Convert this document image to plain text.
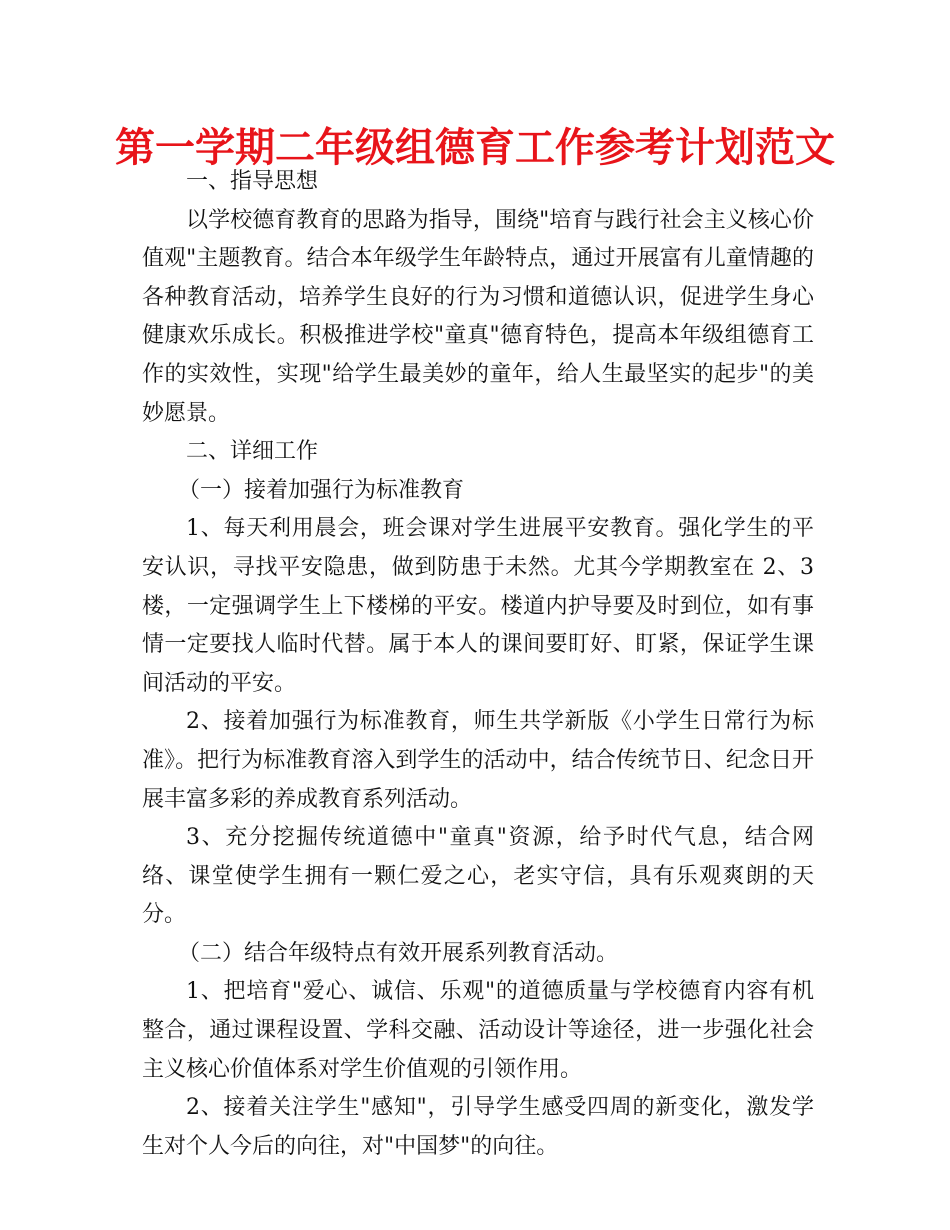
第一学期二年级组德育工作参考计划范文

一、指导思想

以学校德育教育的思路为指导，围绕"培育与践行社会主义核心价值观"主题教育。结合本年级学生年龄特点，通过开展富有儿童情趣的各种教育活动，培养学生良好的行为习惯和道德认识，促进学生身心健康欢乐成长。积极推进学校"童真"德育特色，提高本年级组德育工作的实效性，实现"给学生最美妙的童年，给人生最坚实的起步"的美妙愿景。

二、详细工作

（一）接着加强行为标准教育

1、每天利用晨会，班会课对学生进展平安教育。强化学生的平安认识，寻找平安隐患，做到防患于未然。尤其今学期教室在 2、3 楼，一定强调学生上下楼梯的平安。楼道内护导要及时到位，如有事情一定要找人临时代替。属于本人的课间要盯好、盯紧，保证学生课间活动的平安。

2、接着加强行为标准教育，师生共学新版《小学生日常行为标准》。把行为标准教育溶入到学生的活动中，结合传统节日、纪念日开展丰富多彩的养成教育系列活动。

3、充分挖掘传统道德中"童真"资源，给予时代气息，结合网络、课堂使学生拥有一颗仁爱之心，老实守信，具有乐观爽朗的天分。

（二）结合年级特点有效开展系列教育活动。

1、把培育"爱心、诚信、乐观"的道德质量与学校德育内容有机整合，通过课程设置、学科交融、活动设计等途径，进一步强化社会主义核心价值体系对学生价值观的引领作用。

2、接着关注学生"感知"，引导学生感受四周的新变化，激发学生对个人今后的向往，对"中国梦"的向往。
